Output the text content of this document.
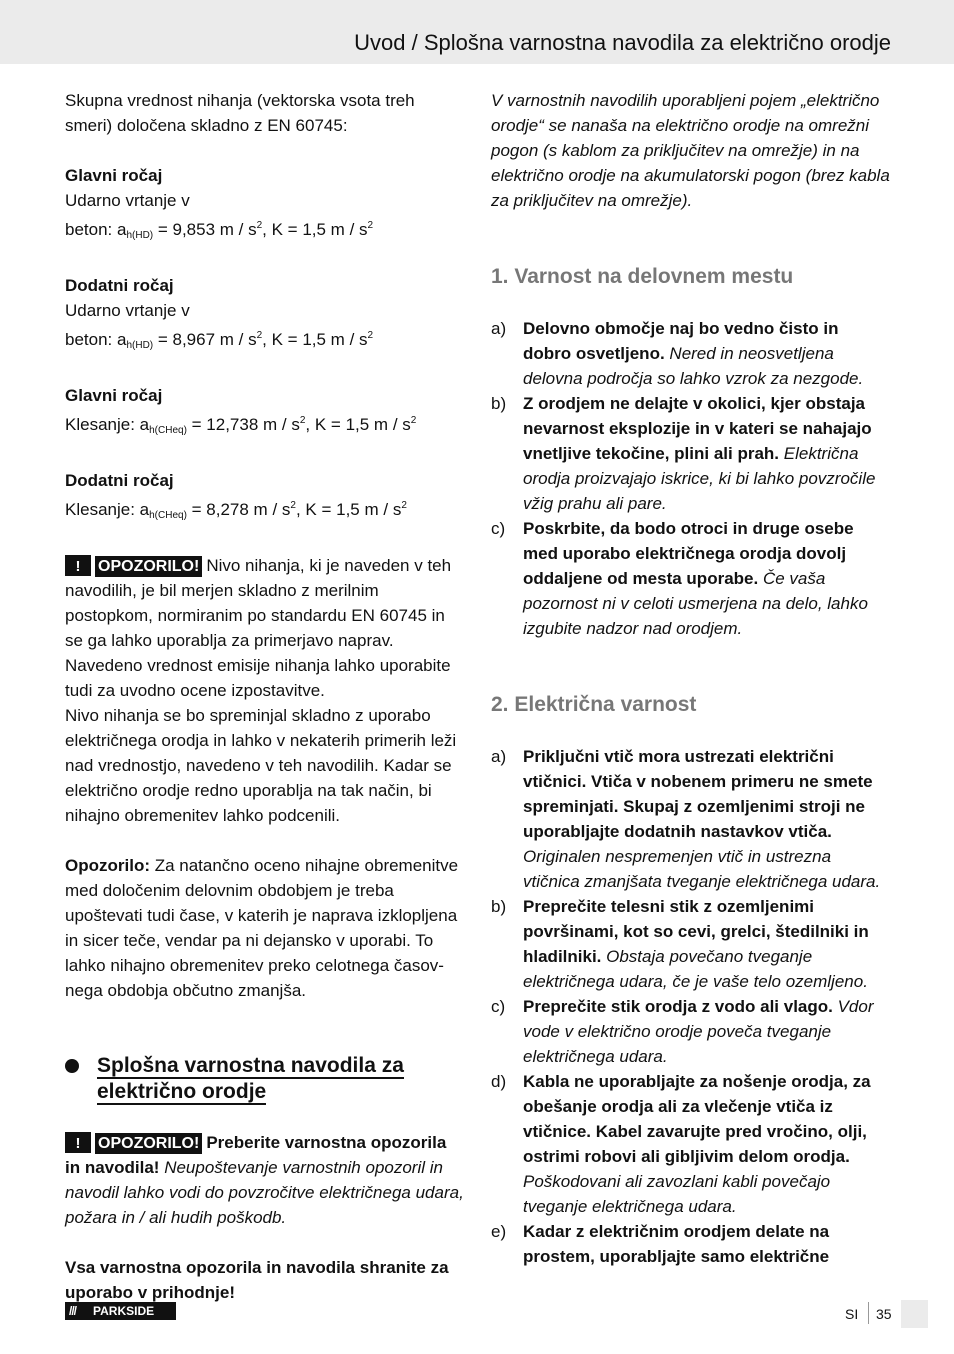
Uvod / Splošna varnostna navodila za električno orodje

Skupna vrednost nihanja (vektorska vsota treh smeri) določena skladno z EN 60745:

Glavni ročaj
Udarno vrtanje v
beton: $a_{h(HD)} = 9,853$ m / $s^2$, K = 1,5 m / $s^2$

Dodatni ročaj
Udarno vrtanje v
beton: $a_{h(HD)} = 8,967$ m / $s^2$, K = 1,5 m / $s^2$

Glavni ročaj
Klesanje: $a_{h(CHeq)} = 12,738$ m / $s^2$, K = 1,5 m / $s^2$

Dodatni ročaj
Klesanje: $a_{h(CHeq)} = 8,278$ m / $s^2$, K = 1,5 m / $s^2$

! OPOZORILO! Nivo nihanja, ki je naveden v teh navodilih, je bil merjen skladno z merilnim postopkom, normiranim po standardu EN 60745 in se ga lahko uporablja za primerjavo naprav. Navedeno vrednost emisije nihanja lahko uporabite tudi za uvodno ocene izpostavitve.

Nivo nihanja se bo spreminjal skladno z uporabo električnega orodja in lahko v nekaterih primerih leži nad vrednostjo, navedeno v teh navodilih. Kadar se električno orodje redno uporablja na tak način, bi nihajno obremenitev lahko podcenili.

Opozorilo: Za natančno oceno nihajne obremenitve med določenim delovnim obdobjem je treba upoštevati tudi čase, v katerih je naprava izklopljena in sicer teče, vendar pa ni dejansko v uporabi. To lahko nihajno obremenitev preko celotnega časov-nega obdobja občutno zmanjša.

Splošna varnostna navodila za električno orodje

! OPOZORILO! Preberite varnostna opozorila in navodila! Neupoštevanje varnostnih opozoril in navodil lahko vodi do povzročitve električnega udara, požara in / ali hudih poškodb.

Vsa varnostna opozorila in navodila shranite za uporabo v prihodnje!

V varnostnih navodilih uporabljeni pojem „električno orodje“ se nanaša na električno orodje na omrežni pogon (s kablom za priključitev na omrežje) in na električno orodje na akumulatorski pogon (brez kabla za priključitev na omrežje).

1. Varnost na delovnem mestu
a) Delovno območje naj bo vedno čisto in dobro osvetljeno. Nered in neosvetljena delovna področja so lahko vzrok za nezgode.
b) Z orodjem ne delajte v okolici, kjer obstaja nevarnost eksplozije in v kateri se nahajajo vnetljive tekočine, plini ali prah. Električna orodja proizvajajo iskrice, ki bi lahko povzročile vžig prahu ali pare.
c) Poskrbite, da bodo otroci in druge osebe med uporabo električnega orodja dovolj oddaljene od mesta uporabe. Če vaša pozornost ni v celoti usmerjena na delo, lahko izgubite nadzor nad orodjem.
2. Električna varnost
a) Priključni vtič mora ustrezati električni vtičnici. Vtiča v nobenem primeru ne smete spreminjati. Skupaj z ozemljenimi stroji ne uporabljajte dodatnih nastavkov vtiča. Originalen nespremenjen vtič in ustrezna vtičnica zmanjšata tveganje električnega udara.
b) Preprečite telesni stik z ozemljenimi površinami, kot so cevi, grelci, štedilniki in hladilniki. Obstaja povečano tveganje električnega udara, če je vaše telo ozemljeno.
c) Preprečite stik orodja z vodo ali vlago. Vdor vode v električno orodje poveča tveganje električnega udara.
d) Kabla ne uporabljajte za nošenje orodja, za obešanje orodja ali za vlečenje vtiča iz vtičnice. Kabel zavarujte pred vročino, olji, ostrimi robovi ali gibljivim delom orodja. Poškodovani ali zavozlani kabli povečajo tveganje električnega udara.
e) Kadar z električnim orodjem delate na prostem, uporabljajte samo električne
/// PARKSIDE	SI 35
